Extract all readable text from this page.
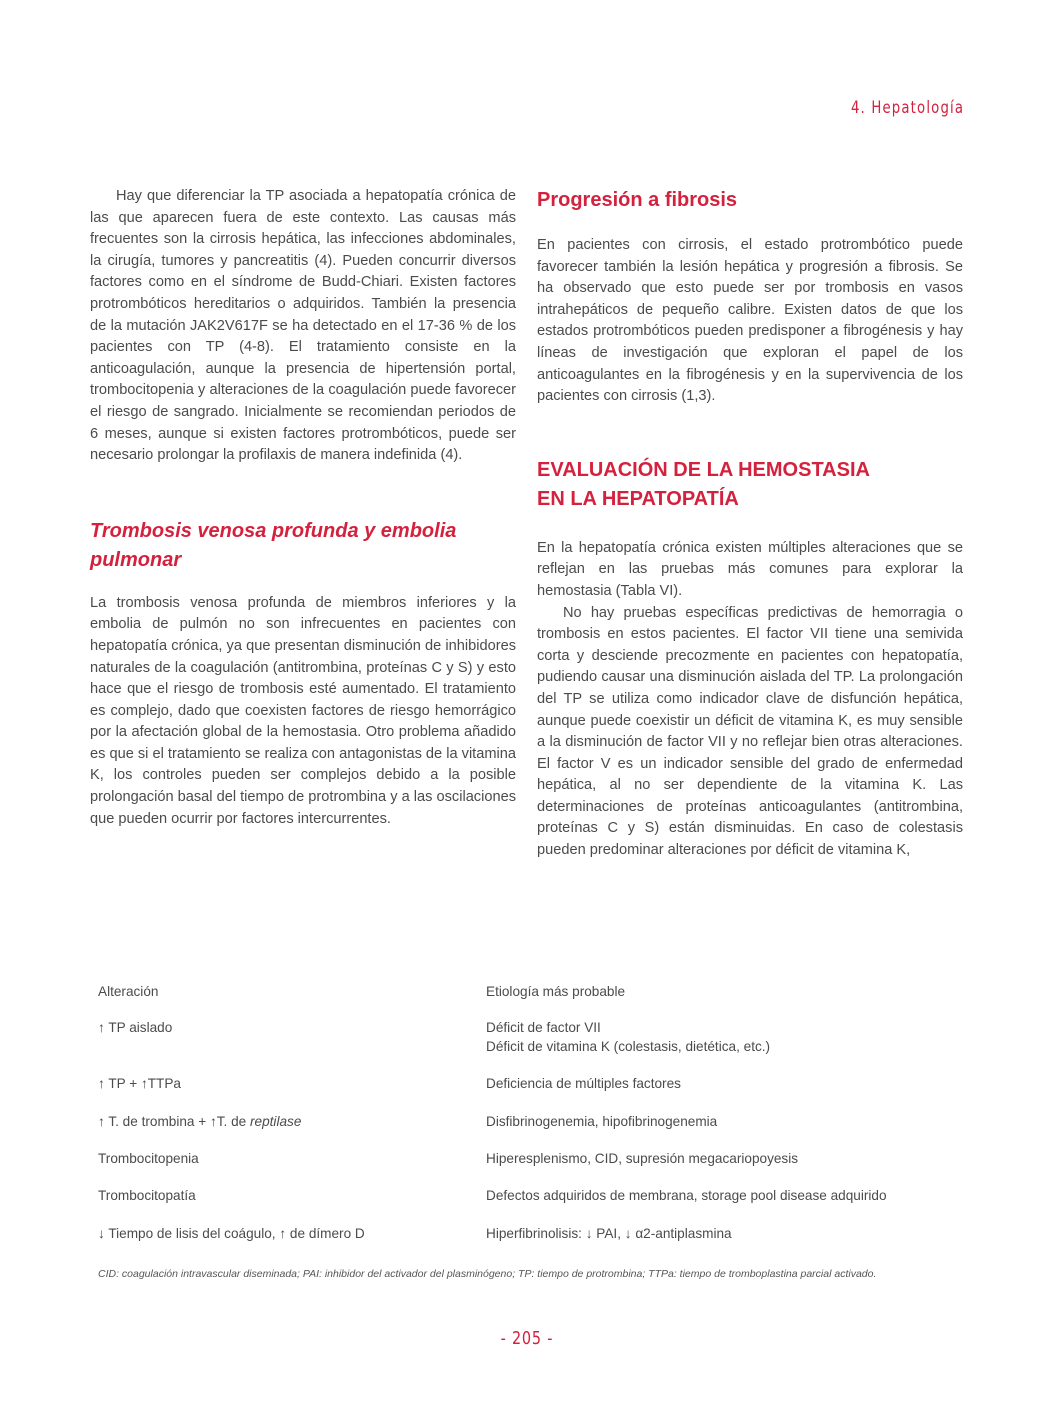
4. Hepatología

Hay que diferenciar la TP asociada a hepatopatía crónica de las que aparecen fuera de este contexto. Las causas más frecuentes son la cirrosis hepática, las infecciones abdominales, la cirugía, tumores y pancreatitis (4). Pueden concurrir diversos factores como en el síndrome de Budd-Chiari. Existen factores protrombóticos hereditarios o adquiridos. También la presencia de la mutación JAK2V617F se ha detectado en el 17-36 % de los pacientes con TP (4-8). El tratamiento consiste en la anticoagulación, aunque la presencia de hipertensión portal, trombocitopenia y alteraciones de la coagulación puede favorecer el riesgo de sangrado. Inicialmente se recomiendan periodos de 6 meses, aunque si existen factores protrombóticos, puede ser necesario prolongar la profilaxis de manera indefinida (4).

Trombosis venosa profunda y embolia pulmonar

La trombosis venosa profunda de miembros inferiores y la embolia de pulmón no son infrecuentes en pacientes con hepatopatía crónica, ya que presentan disminución de inhibidores naturales de la coagulación (antitrombina, proteínas C y S) y esto hace que el riesgo de trombosis esté aumentado. El tratamiento es complejo, dado que coexisten factores de riesgo hemorrágico por la afectación global de la hemostasia. Otro problema añadido es que si el tratamiento se realiza con antagonistas de la vitamina K, los controles pueden ser complejos debido a la posible prolongación basal del tiempo de protrombina y a las oscilaciones que pueden ocurrir por factores intercurrentes.

Progresión a fibrosis

En pacientes con cirrosis, el estado protrombótico puede favorecer también la lesión hepática y progresión a fibrosis. Se ha observado que esto puede ser por trombosis en vasos intrahepáticos de pequeño calibre. Existen datos de que los estados protrombóticos pueden predisponer a fibrogénesis y hay líneas de investigación que exploran el papel de los anticoagulantes en la fibrogénesis y en la supervivencia de los pacientes con cirrosis (1,3).

EVALUACIÓN DE LA HEMOSTASIA
EN LA HEPATOPATÍA

En la hepatopatía crónica existen múltiples alteraciones que se reflejan en las pruebas más comunes para explorar la hemostasia (Tabla VI).

No hay pruebas específicas predictivas de hemorragia o trombosis en estos pacientes. El factor VII tiene una semivida corta y desciende precozmente en pacientes con hepatopatía, pudiendo causar una disminución aislada del TP. La prolongación del TP se utiliza como indicador clave de disfunción hepática, aunque puede coexistir un déficit de vitamina K, es muy sensible a la disminución de factor VII y no reflejar bien otras alteraciones. El factor V es un indicador sensible del grado de enfermedad hepática, al no ser dependiente de la vitamina K. Las determinaciones de proteínas anticoagulantes (antitrombina, proteínas C y S) están disminuidas. En caso de colestasis pueden predominar alteraciones por déficit de vitamina K,

Alteración	Etiología más probable
↑ TP aislado	Déficit de factor VII
Déficit de vitamina K (colestasis, dietética, etc.)
↑ TP + ↑TTPa	Deficiencia de múltiples factores
↑ T. de trombina + ↑T. de reptilase	Disfibrinogenemia, hipofibrinogenemia
Trombocitopenia	Hiperesplenismo, CID, supresión megacariopoyesis
Trombocitopatía	Defectos adquiridos de membrana, storage pool disease adquirido
↓ Tiempo de lisis del coágulo, ↑ de dímero D	Hiperfibrinolisis: ↓ PAI, ↓ α2-antiplasmina
CID: coagulación intravascular diseminada; PAI: inhibidor del activador del plasminógeno; TP: tiempo de protrombina; TTPa: tiempo de tromboplastina parcial activado.
- 205 -
